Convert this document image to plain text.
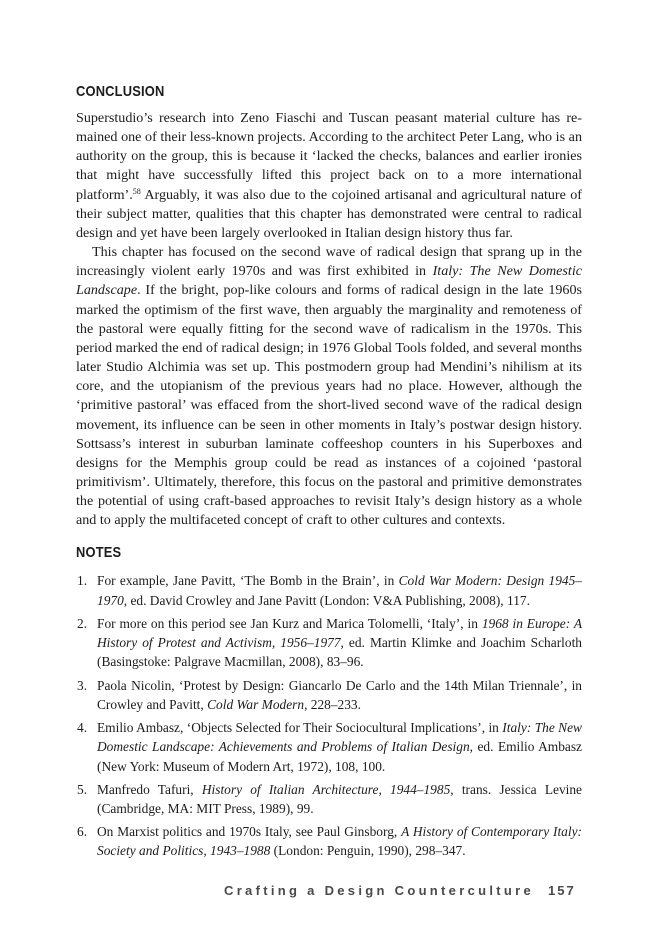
CONCLUSION

Superstudio’s research into Zeno Fiaschi and Tuscan peasant material culture has remained one of their less-known projects. According to the architect Peter Lang, who is an authority on the group, this is because it ‘lacked the checks, balances and earlier ironies that might have successfully lifted this project back on to a more international platform’.$^{58}$ Arguably, it was also due to the cojoined artisanal and agricultural nature of their subject matter, qualities that this chapter has demonstrated were central to radical design and yet have been largely overlooked in Italian design history thus far.

This chapter has focused on the second wave of radical design that sprang up in the increasingly violent early 1970s and was first exhibited in Italy: The New Domestic Landscape. If the bright, pop-like colours and forms of radical design in the late 1960s marked the optimism of the first wave, then arguably the marginality and remoteness of the pastoral were equally fitting for the second wave of radicalism in the 1970s. This period marked the end of radical design; in 1976 Global Tools folded, and several months later Studio Alchimia was set up. This postmodern group had Mendini’s nihilism at its core, and the utopianism of the previous years had no place. However, although the ‘primitive pastoral’ was effaced from the short-lived second wave of the radical design movement, its influence can be seen in other moments in Italy’s postwar design history. Sottsass’s interest in suburban laminate coffeeshop counters in his Superboxes and designs for the Memphis group could be read as instances of a cojoined ‘pastoral primitivism’. Ultimately, therefore, this focus on the pastoral and primitive demonstrates the potential of using craft-based approaches to revisit Italy’s design history as a whole and to apply the multifaceted concept of craft to other cultures and contexts.

NOTES
1. For example, Jane Pavitt, ‘The Bomb in the Brain’, in Cold War Modern: Design 1945–1970, ed. David Crowley and Jane Pavitt (London: V&A Publishing, 2008), 117.
2. For more on this period see Jan Kurz and Marica Tolomelli, ‘Italy’, in 1968 in Europe: A History of Protest and Activism, 1956–1977, ed. Martin Klimke and Joachim Scharloth (Basingstoke: Palgrave Macmillan, 2008), 83–96.
3. Paola Nicolin, ‘Protest by Design: Giancarlo De Carlo and the 14th Milan Triennale’, in Crowley and Pavitt, Cold War Modern, 228–233.
4. Emilio Ambasz, ‘Objects Selected for Their Sociocultural Implications’, in Italy: The New Domestic Landscape: Achievements and Problems of Italian Design, ed. Emilio Ambasz (New York: Museum of Modern Art, 1972), 108, 100.
5. Manfredo Tafuri, History of Italian Architecture, 1944–1985, trans. Jessica Levine (Cambridge, MA: MIT Press, 1989), 99.
6. On Marxist politics and 1970s Italy, see Paul Ginsborg, A History of Contemporary Italy: Society and Politics, 1943–1988 (London: Penguin, 1990), 298–347.
Crafting a Design Counterculture 157
